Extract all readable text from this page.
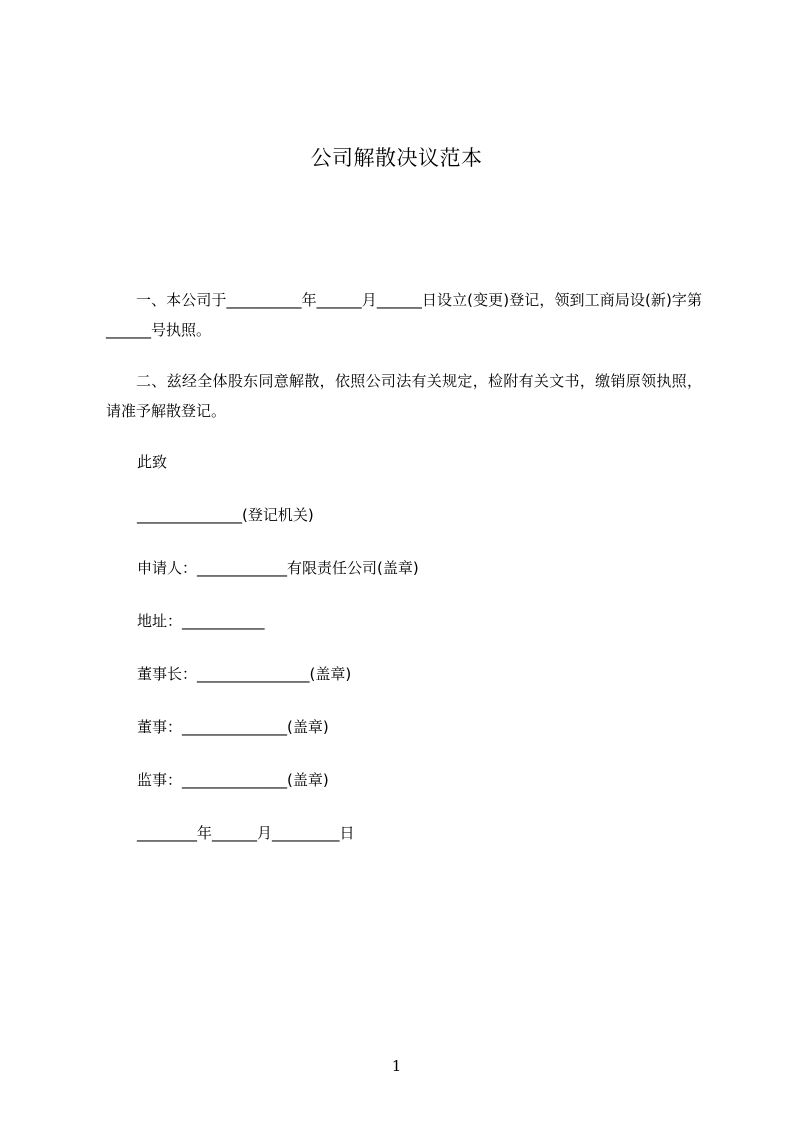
公司解散决议范本

一、本公司于__________年______月______日设立(变更)登记，领到工商局设(新)字第______号执照。

二、兹经全体股东同意解散，依照公司法有关规定，检附有关文书，缴销原领执照，请准予解散登记。

此致
______________(登记机关)
申请人：____________有限责任公司(盖章)
地址：___________
董事长：_______________(盖章)
董事：______________(盖章)
监事：______________(盖章)
________年______月_________日
1
